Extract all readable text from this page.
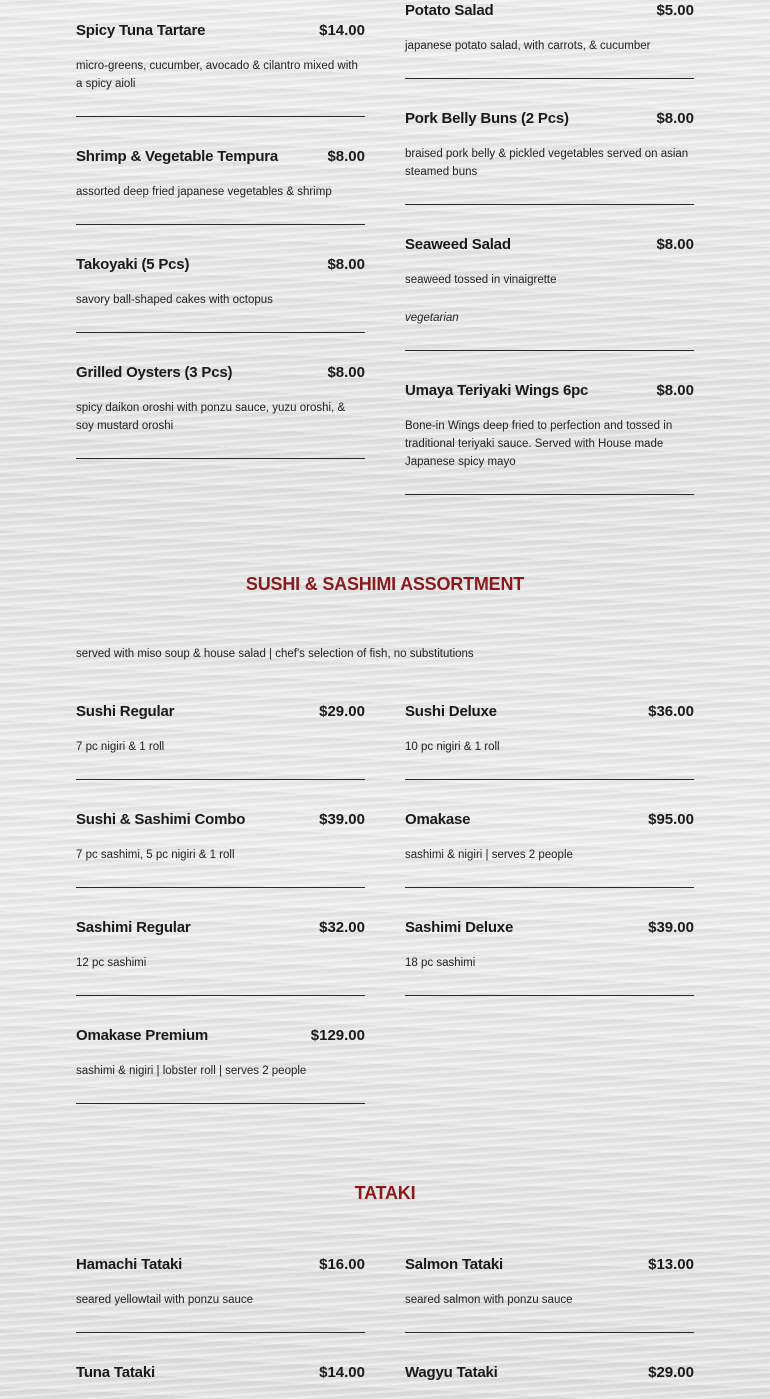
Spicy Tuna Tartare	$14.00
micro-greens, cucumber, avocado & cilantro mixed with a spicy aioli
Shrimp & Vegetable Tempura	$8.00
assorted deep fried japanese vegetables & shrimp
Takoyaki (5 Pcs)	$8.00
savory ball-shaped cakes with octopus
Grilled Oysters (3 Pcs)	$8.00
spicy daikon oroshi with ponzu sauce, yuzu oroshi, & soy mustard oroshi
Potato Salad	$5.00
japanese potato salad, with carrots, & cucumber
Pork Belly Buns (2 Pcs)	$8.00
braised pork belly & pickled vegetables served on asian steamed buns
Seaweed Salad	$8.00
seaweed tossed in vinaigrette
vegetarian
Umaya Teriyaki Wings 6pc	$8.00
Bone-in Wings deep fried to perfection and tossed in traditional teriyaki sauce. Served with House made Japanese spicy mayo
SUSHI & SASHIMI ASSORTMENT
served with miso soup & house salad | chef's selection of fish, no substitutions
Sushi Regular	$29.00
7 pc nigiri & 1 roll
Sushi & Sashimi Combo	$39.00
7 pc sashimi, 5 pc nigiri & 1 roll
Sashimi Regular	$32.00
12 pc sashimi
Omakase Premium	$129.00
sashimi & nigiri | lobster roll | serves 2 people
Sushi Deluxe	$36.00
10 pc nigiri & 1 roll
Omakase	$95.00
sashimi & nigiri | serves 2 people
Sashimi Deluxe	$39.00
18 pc sashimi
TATAKI
Hamachi Tataki	$16.00
seared yellowtail with ponzu sauce
Tuna Tataki	$14.00
Salmon Tataki	$13.00
seared salmon with ponzu sauce
Wagyu Tataki	$29.00
